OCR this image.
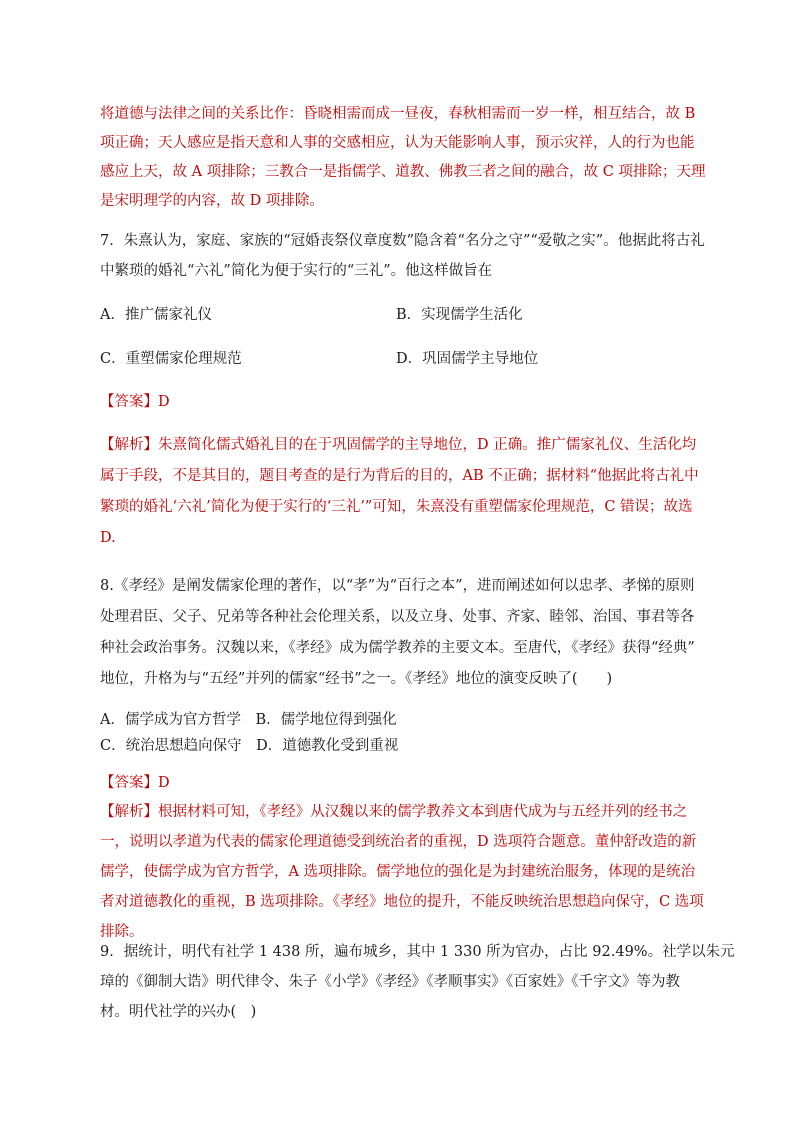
将道德与法律之间的关系比作：昏晓相需而成一昼夜，春秋相需而一岁一样，相互结合，故 B
项正确；天人感应是指天意和人事的交感相应，认为天能影响人事，预示灾祥，人的行为也能
感应上天，故 A 项排除；三教合一是指儒学、道教、佛教三者之间的融合，故 C 项排除；天理
是宋明理学的内容，故 D 项排除。
7．朱熹认为，家庭、家族的“冠婚丧祭仪章度数”隐含着“名分之守”“爱敬之实”。他据此将古礼
中繁琐的婚礼“六礼”简化为便于实行的“三礼”。他这样做旨在
A．推广儒家礼仪	B．实现儒学生活化
C．重塑儒家伦理规范	D．巩固儒学主导地位
【答案】D
【解析】朱熹简化儒式婚礼目的在于巩固儒学的主导地位，D 正确。推广儒家礼仪、生活化均
属于手段，不是其目的，题目考查的是行为背后的目的，AB 不正确；据材料“他据此将古礼中
繁琐的婚礼‘六礼’简化为便于实行的‘三礼’”可知，朱熹没有重塑儒家伦理规范，C 错误；故选
D.
8.《孝经》是阐发儒家伦理的著作，以“孝”为“百行之本”，进而阐述如何以忠孝、孝悌的原则
处理君臣、父子、兄弟等各种社会伦理关系，以及立身、处事、齐家、睦邻、治国、事君等各
种社会政治事务。汉魏以来，《孝经》成为儒学教养的主要文本。至唐代，《孝经》获得“经典”
地位，升格为与“五经”并列的儒家“经书”之一。《孝经》地位的演变反映了(　　)
A．儒学成为官方哲学　B．儒学地位得到强化
C．统治思想趋向保守　D．道德教化受到重视
【答案】D
【解析】根据材料可知，《孝经》从汉魏以来的儒学教养文本到唐代成为与五经并列的经书之
一，说明以孝道为代表的儒家伦理道德受到统治者的重视，D 选项符合题意。董仲舒改造的新
儒学，使儒学成为官方哲学，A 选项排除。儒学地位的强化是为封建统治服务，体现的是统治
者对道德教化的重视，B 选项排除。《孝经》地位的提升，不能反映统治思想趋向保守，C 选项
排除。
9．据统计，明代有社学 1 438 所，遍布城乡，其中 1 330 所为官办，占比 92.49%。社学以朱元
璋的《御制大诰》明代律令、朱子《小学》《孝经》《孝顺事实》《百家姓》《千字文》等为教
材。明代社学的兴办(　)
